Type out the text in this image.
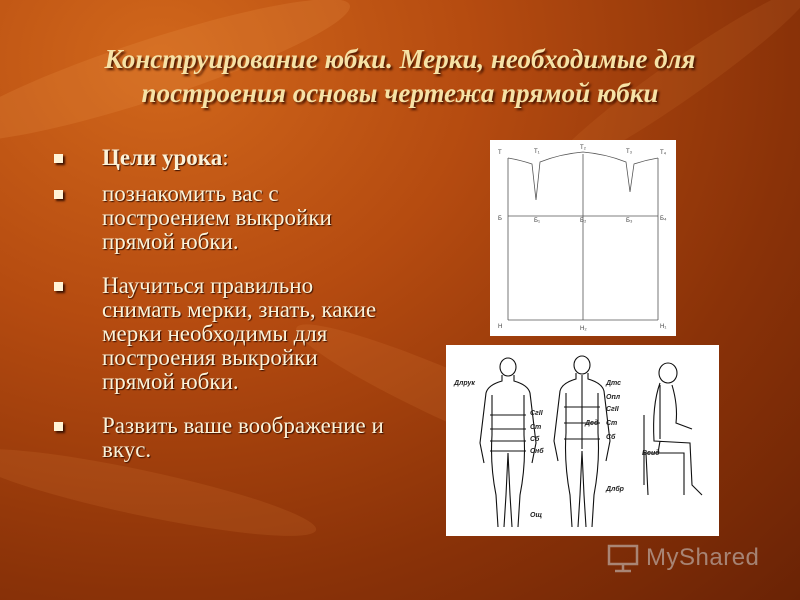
Конструирование юбки. Мерки, необходимые для построения основы чертежа прямой юбки
Цели урока:
познакомить вас с построением выкройки прямой юбки.
Научиться правильно снимать мерки, знать, какие мерки необходимы для построения выкройки прямой юбки.
Развить ваше воображение и вкус.
Т	Т₁
Т₂
Т₃	Т₄
Б	Б₁	Б₂	Б₃	Б₄
Н	Н₂	Н₁
Длрук
СгII
Ст
Сб
Снб
Ощ
Дтс
Опл
СгII
Ст
Сб
Дсд
Длбр
Вcид
MyShared
